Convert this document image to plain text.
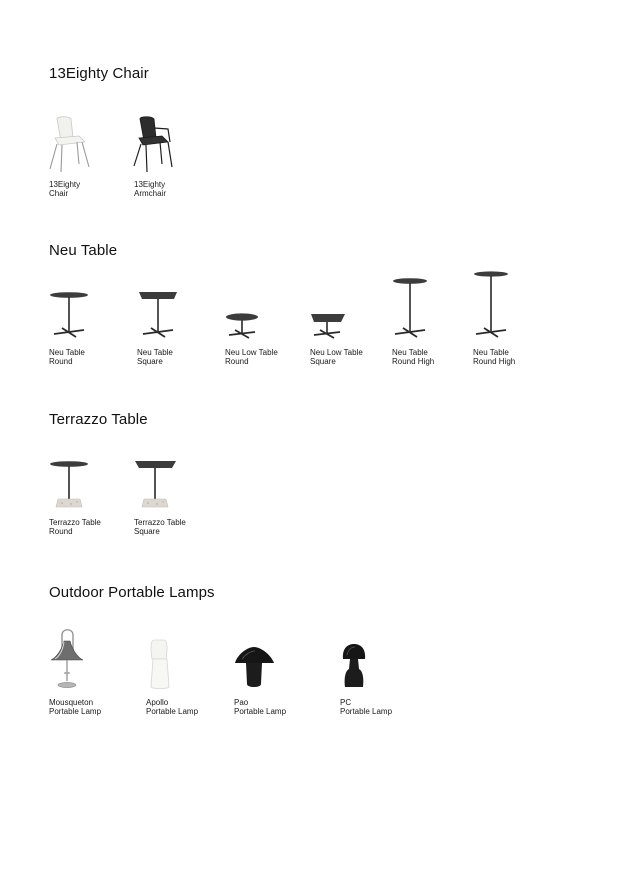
13Eighty Chair
13Eighty
Chair
13Eighty
Armchair
Neu Table
Neu Table
Round
Neu Table
Square
Neu Low Table
Round
Neu Low Table
Square
Neu Table
Round High
Neu Table
Round High
Terrazzo Table
Terrazzo Table
Round
Terrazzo Table
Square
Outdoor Portable Lamps
Mousqueton
Portable Lamp
Apollo
Portable Lamp
Pao
Portable Lamp
PC
Portable Lamp
